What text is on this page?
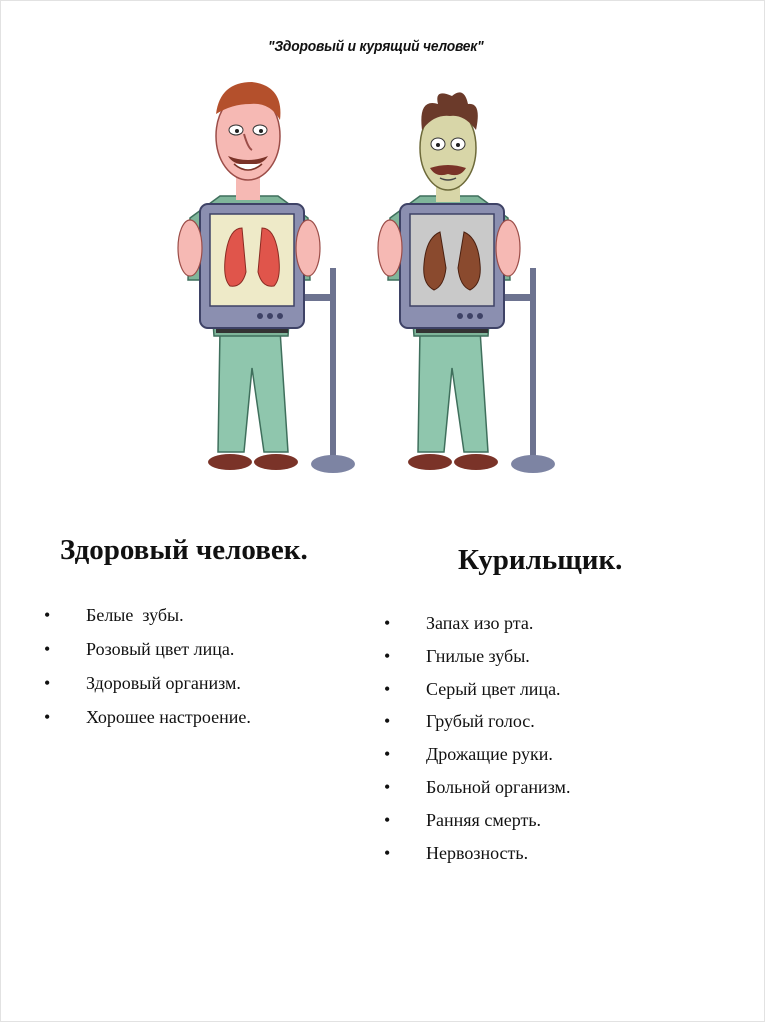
"Здоровый и курящий человек"
Здоровый человек.	Курильщик.
• Белые  зубы.
• Розовый цвет лица.
• Здоровый организм.
• Хорошее настроение.
• Запах изо рта.
• Гнилые зубы.
• Серый цвет лица.
• Грубый голос.
• Дрожащие руки.
• Больной организм.
• Ранняя смерть.
• Нервозность.
